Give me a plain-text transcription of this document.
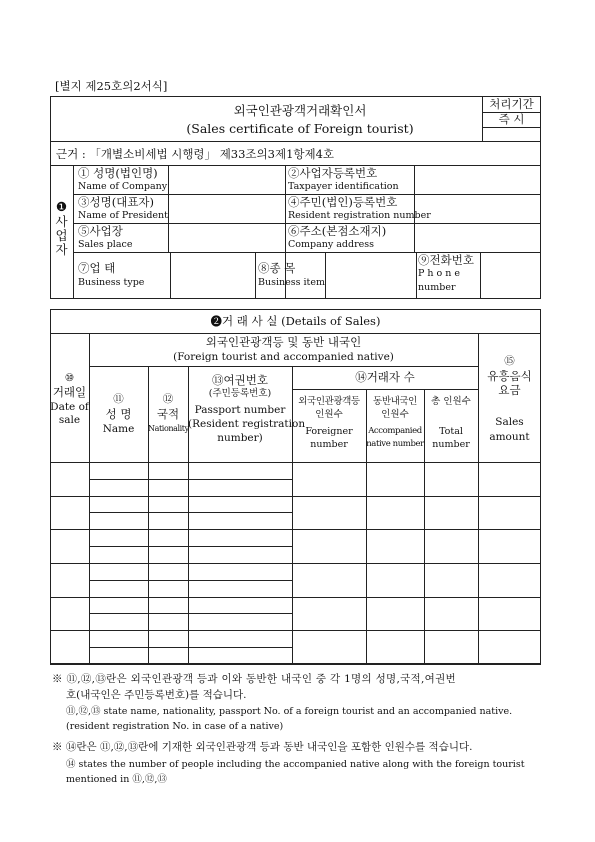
[별지 제25호의2서식]
외국인관광객거래확인서
(Sales certificate of Foreign tourist)
처리기간
즉 시
근거 : 「개별소비세법 시행령」 제33조의3제1항제4호
❶
사업자
① 성명(법인명)
Name of Company
②사업자등록번호
Taxpayer identification
③성명(대표자)
Name of President
④주민(법인)등록번호
Resident registration number
⑤사업장
Sales place
⑥주소(본점소재지)
Company address
⑦업 태
Business type
⑧종 목
Business item
⑨전화번호
P h o n e
number
❷거 래 사 실 (Details of Sales)
외국인관광객등 및 동반 내국인
(Foreign tourist and accompanied native)
⑩
거래일
Date of
sale
⑪
성 명
Name
⑫
국적
Nationality
⑬여권번호
(주민등록번호)
Passport number
(Resident registration
number)
⑭거래자 수
외국인관광객등
인원수
Foreigner
number
동반내국인
인원수
Accompanied
native number
총 인원수
Total
number
⑮
유흥음식
요금
Sales
amount
※ ⑪,⑫,⑬란은 외국인관광객 등과 이와 동반한 내국인 중 각 1명의 성명,국적,여권번
호(내국인은 주민등록번호)를 적습니다.
⑪,⑫,⑬ state name, nationality, passport No. of a foreign tourist and an accompanied native.
(resident registration No. in case of a native)
※ ⑭란은 ⑪,⑫,⑬란에 기재한 외국인관광객 등과 동반 내국인을 포함한 인원수를 적습니다.
⑭ states the number of people including the accompanied native along with the foreign tourist
mentioned in ⑪,⑫,⑬
